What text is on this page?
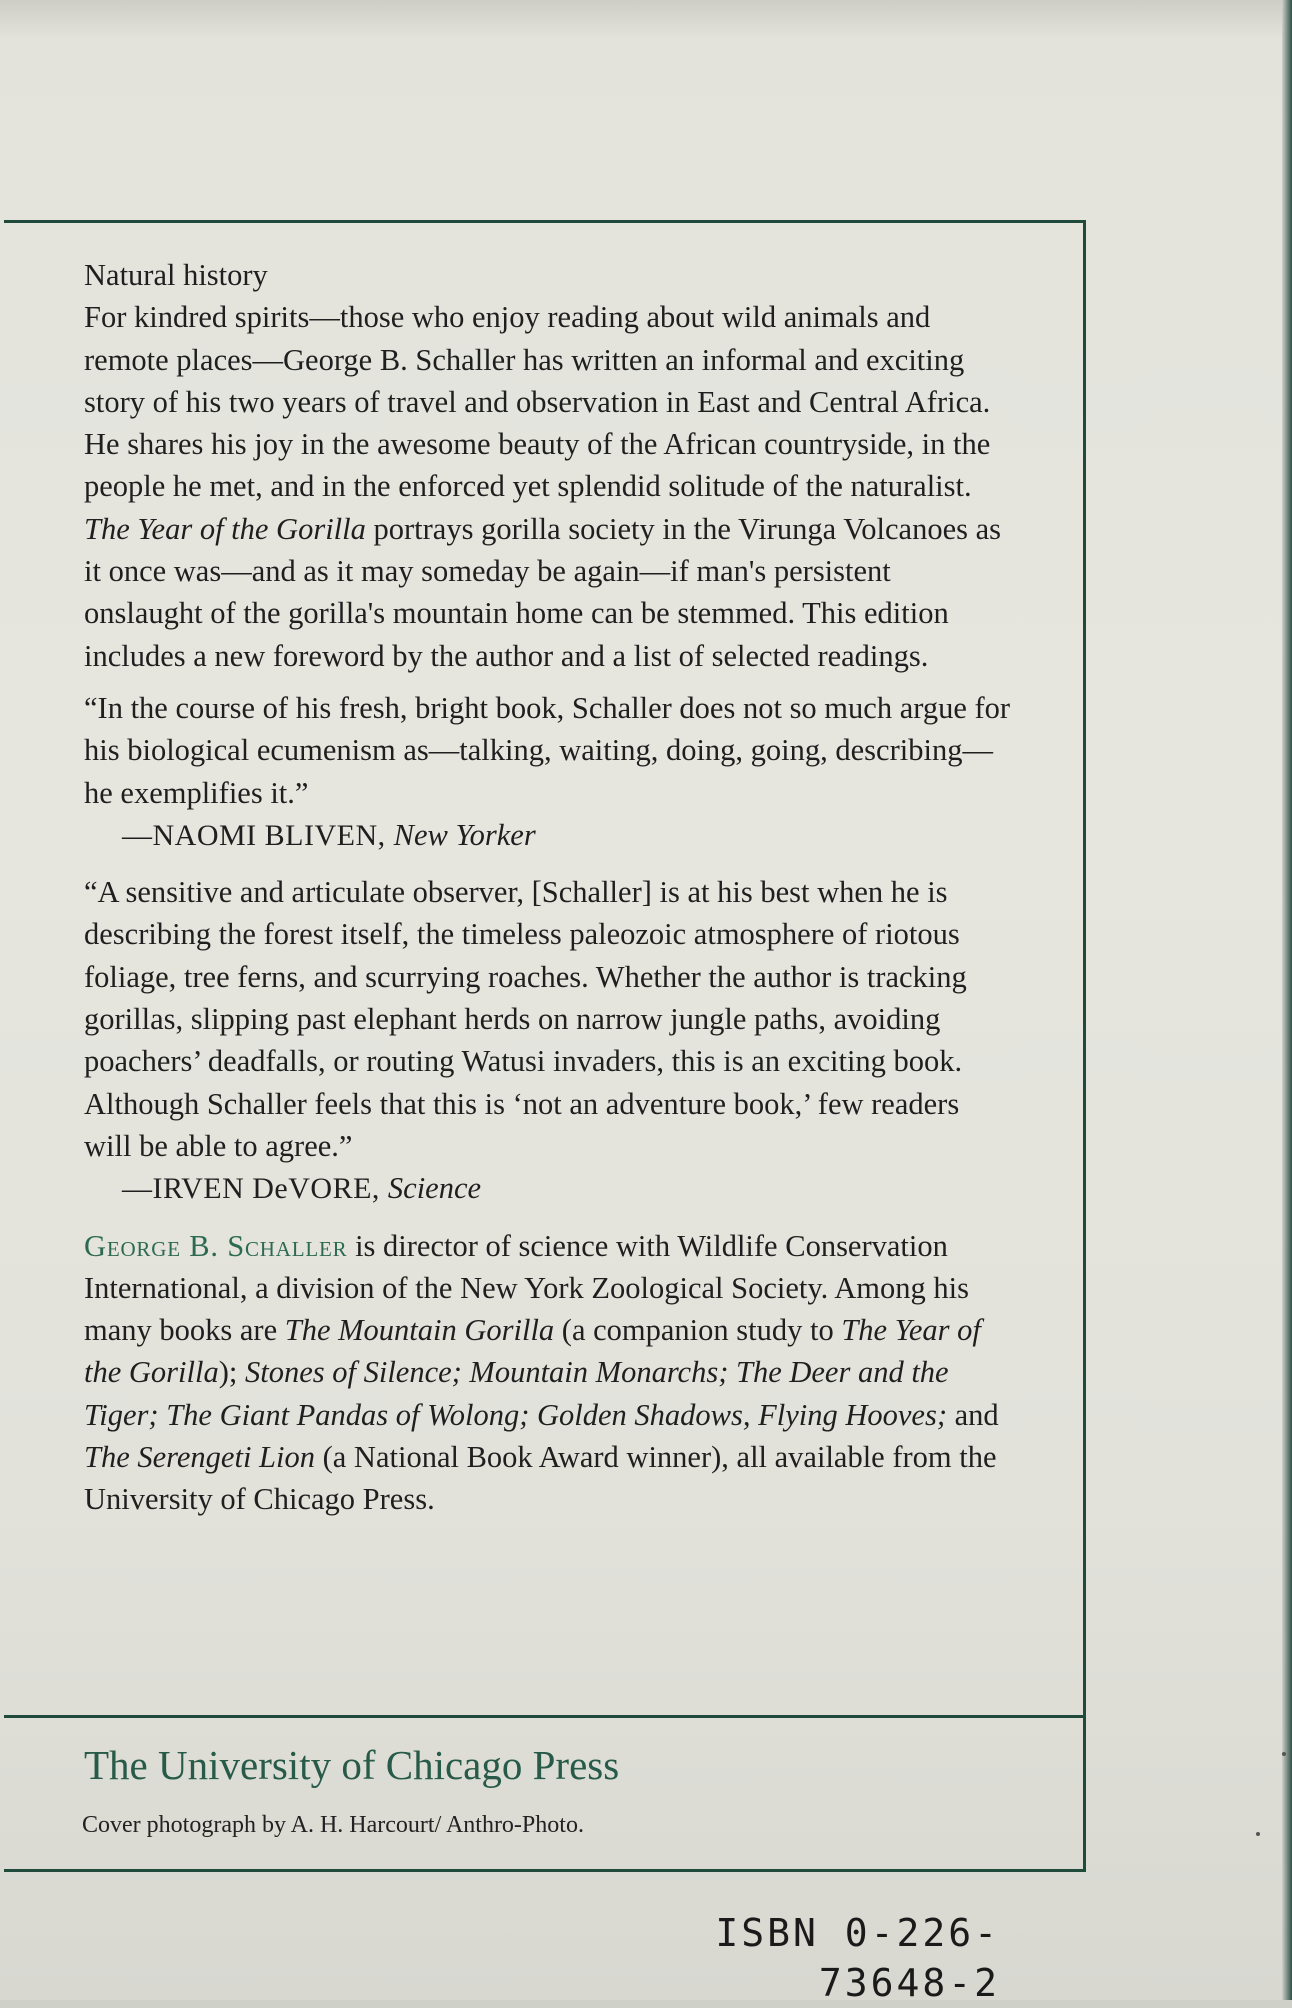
Natural history

For kindred spirits—those who enjoy reading about wild animals and remote places—George B. Schaller has written an informal and exciting story of his two years of travel and observation in East and Central Africa. He shares his joy in the awesome beauty of the African countryside, in the people he met, and in the enforced yet splendid solitude of the naturalist. The Year of the Gorilla portrays gorilla society in the Virunga Volcanoes as it once was—and as it may someday be again—if man's persistent onslaught of the gorilla's mountain home can be stemmed. This edition includes a new foreword by the author and a list of selected readings.

“In the course of his fresh, bright book, Schaller does not so much argue for his biological ecumenism as—talking, waiting, doing, going, describing—he exemplifies it.”

—NAOMI BLIVEN, New Yorker

“A sensitive and articulate observer, [Schaller] is at his best when he is describing the forest itself, the timeless paleozoic atmosphere of riotous foliage, tree ferns, and scurrying roaches. Whether the author is tracking gorillas, slipping past elephant herds on narrow jungle paths, avoiding poachers’ deadfalls, or routing Watusi invaders, this is an exciting book. Although Schaller feels that this is ‘not an adventure book,’ few readers will be able to agree.”

—IRVEN DeVORE, Science

George B. Schaller is director of science with Wildlife Conservation International, a division of the New York Zoological Society. Among his many books are The Mountain Gorilla (a companion study to The Year of the Gorilla); Stones of Silence; Mountain Monarchs; The Deer and the Tiger; The Giant Pandas of Wolong; Golden Shadows, Flying Hooves; and The Serengeti Lion (a National Book Award winner), all available from the University of Chicago Press.

The University of Chicago Press
Cover photograph by A. H. Harcourt/ Anthro-Photo.
ISBN 0-226-73648-2
